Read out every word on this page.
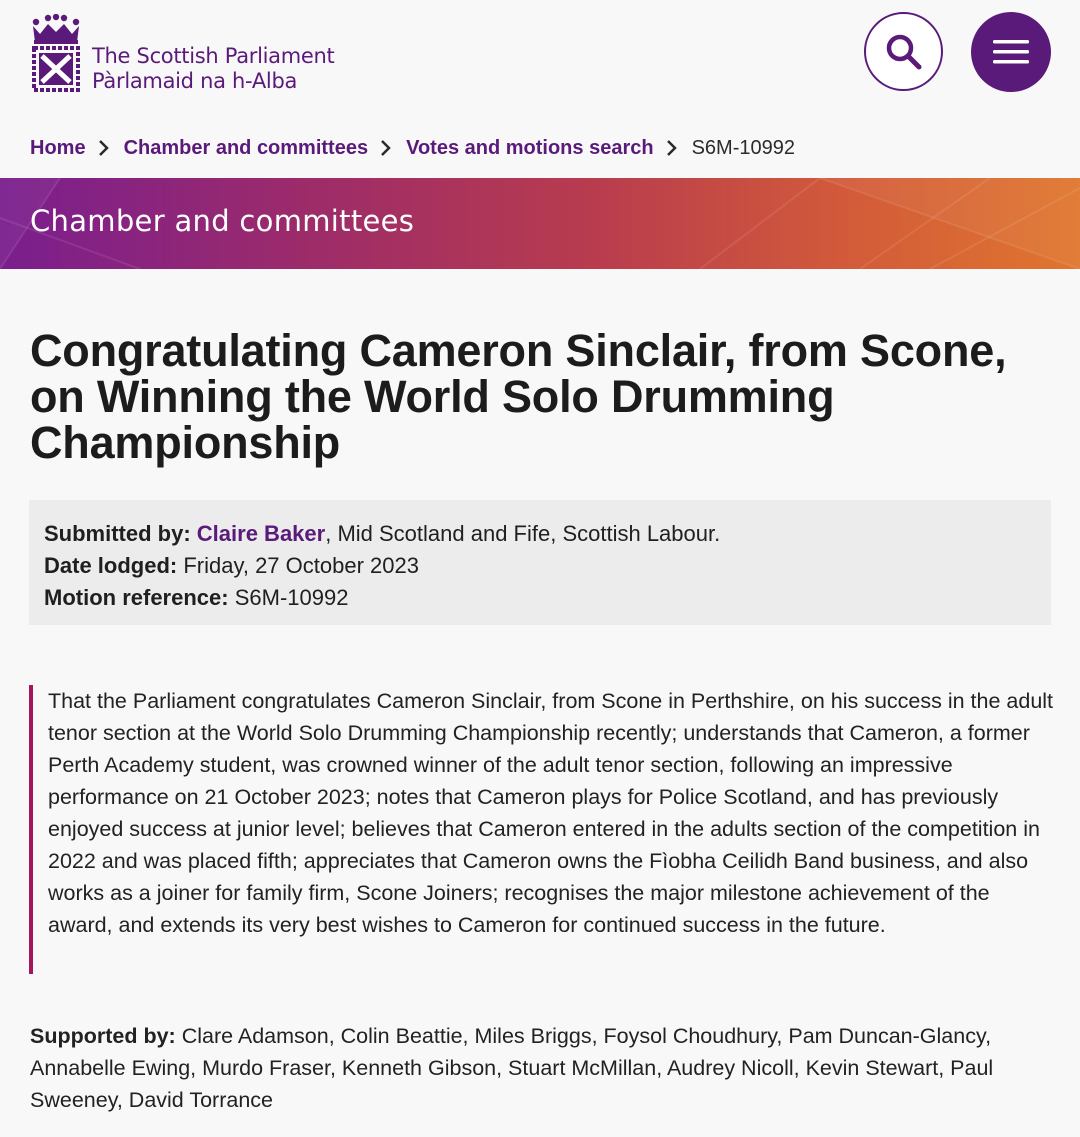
The Scottish Parliament
Pàrlamaid na h-Alba
Home Chamber and committees Votes and motions search S6M-10992
Chamber and committees
Congratulating Cameron Sinclair, from Scone, on Winning the World Solo Drumming Championship
Submitted by: Claire Baker, Mid Scotland and Fife, Scottish Labour.
Date lodged: Friday, 27 October 2023
Motion reference: S6M-10992
That the Parliament congratulates Cameron Sinclair, from Scone in Perthshire, on his success in the adult tenor section at the World Solo Drumming Championship recently; understands that Cameron, a former Perth Academy student, was crowned winner of the adult tenor section, following an impressive performance on 21 October 2023; notes that Cameron plays for Police Scotland, and has previously enjoyed success at junior level; believes that Cameron entered in the adults section of the competition in 2022 and was placed fifth; appreciates that Cameron owns the Fìobha Ceilidh Band business, and also works as a joiner for family firm, Scone Joiners; recognises the major milestone achievement of the award, and extends its very best wishes to Cameron for continued success in the future.
Supported by: Clare Adamson, Colin Beattie, Miles Briggs, Foysol Choudhury, Pam Duncan-Glancy, Annabelle Ewing, Murdo Fraser, Kenneth Gibson, Stuart McMillan, Audrey Nicoll, Kevin Stewart, Paul Sweeney, David Torrance
